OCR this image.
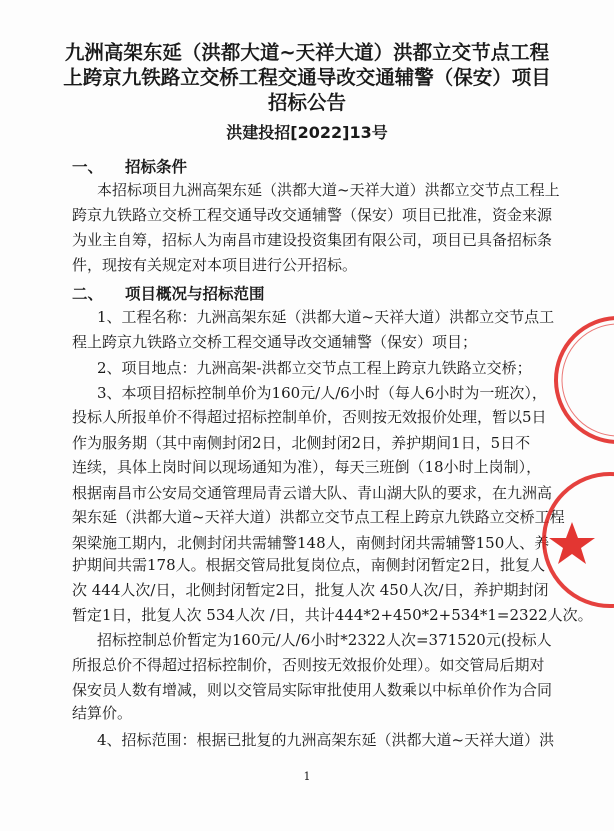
九洲高架东延（洪都大道~天祥大道）洪都立交节点工程
上跨京九铁路立交桥工程交通导改交通辅警（保安）项目
招标公告
洪建投招[2022]13号
一、 招标条件
本招标项目九洲高架东延（洪都大道~天祥大道）洪都立交节点工程上
跨京九铁路立交桥工程交通导改交通辅警（保安）项目已批准，资金来源
为业主自筹，招标人为南昌市建设投资集团有限公司，项目已具备招标条
件，现按有关规定对本项目进行公开招标。
二、 项目概况与招标范围
1、工程名称：九洲高架东延（洪都大道~天祥大道）洪都立交节点工
程上跨京九铁路立交桥工程交通导改交通辅警（保安）项目；
2、项目地点：九洲高架-洪都立交节点工程上跨京九铁路立交桥；
3、本项目招标控制单价为160元/人/6小时（每人6小时为一班次），
投标人所报单价不得超过招标控制单价，否则按无效报价处理，暂以5日
作为服务期（其中南侧封闭2日，北侧封闭2日，养护期间1日，5日不
连续，具体上岗时间以现场通知为准），每天三班倒（18小时上岗制），
根据南昌市公安局交通管理局青云谱大队、青山湖大队的要求，在九洲高
架东延（洪都大道~天祥大道）洪都立交节点工程上跨京九铁路立交桥工程
架梁施工期内，北侧封闭共需辅警148人，南侧封闭共需辅警150人、养
护期间共需178人。根据交管局批复岗位点，南侧封闭暂定2日，批复人
次 444人次/日，北侧封闭暂定2日，批复人次 450人次/日，养护期封闭
暂定1日，批复人次 534人次 /日，共计444*2+450*2+534*1=2322人次。
招标控制总价暂定为160元/人/6小时*2322人次=371520元(投标人
所报总价不得超过招标控制价，否则按无效报价处理）。如交管局后期对
保安员人数有增减，则以交管局实际审批使用人数乘以中标单价作为合同
结算价。
4、招标范围：根据已批复的九洲高架东延（洪都大道~天祥大道）洪
1
